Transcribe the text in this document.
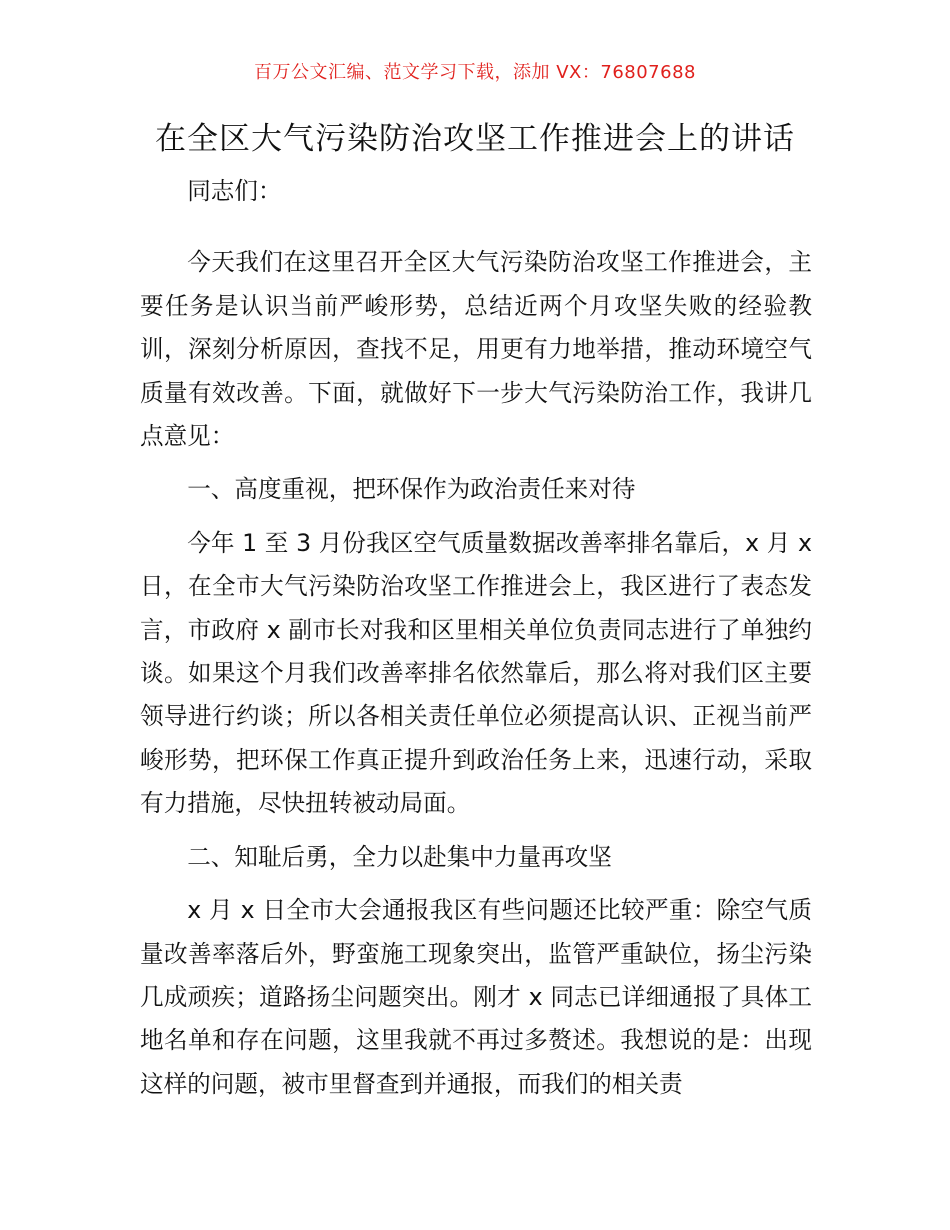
百万公文汇编、范文学习下载，添加 VX：76807688
在全区大气污染防治攻坚工作推进会上的讲话

同志们：

今天我们在这里召开全区大气污染防治攻坚工作推进会，主要任务是认识当前严峻形势，总结近两个月攻坚失败的经验教训，深刻分析原因，查找不足，用更有力地举措，推动环境空气质量有效改善。下面，就做好下一步大气污染防治工作，我讲几点意见：

一、高度重视，把环保作为政治责任来对待

今年 1 至 3 月份我区空气质量数据改善率排名靠后，x 月 x 日，在全市大气污染防治攻坚工作推进会上，我区进行了表态发言，市政府 x 副市长对我和区里相关单位负责同志进行了单独约谈。如果这个月我们改善率排名依然靠后，那么将对我们区主要领导进行约谈；所以各相关责任单位必须提高认识、正视当前严峻形势，把环保工作真正提升到政治任务上来，迅速行动，采取有力措施，尽快扭转被动局面。

二、知耻后勇，全力以赴集中力量再攻坚

x 月 x 日全市大会通报我区有些问题还比较严重：除空气质量改善率落后外，野蛮施工现象突出，监管严重缺位，扬尘污染几成顽疾；道路扬尘问题突出。刚才 x 同志已详细通报了具体工地名单和存在问题，这里我就不再过多赘述。我想说的是：出现这样的问题，被市里督查到并通报，而我们的相关责
